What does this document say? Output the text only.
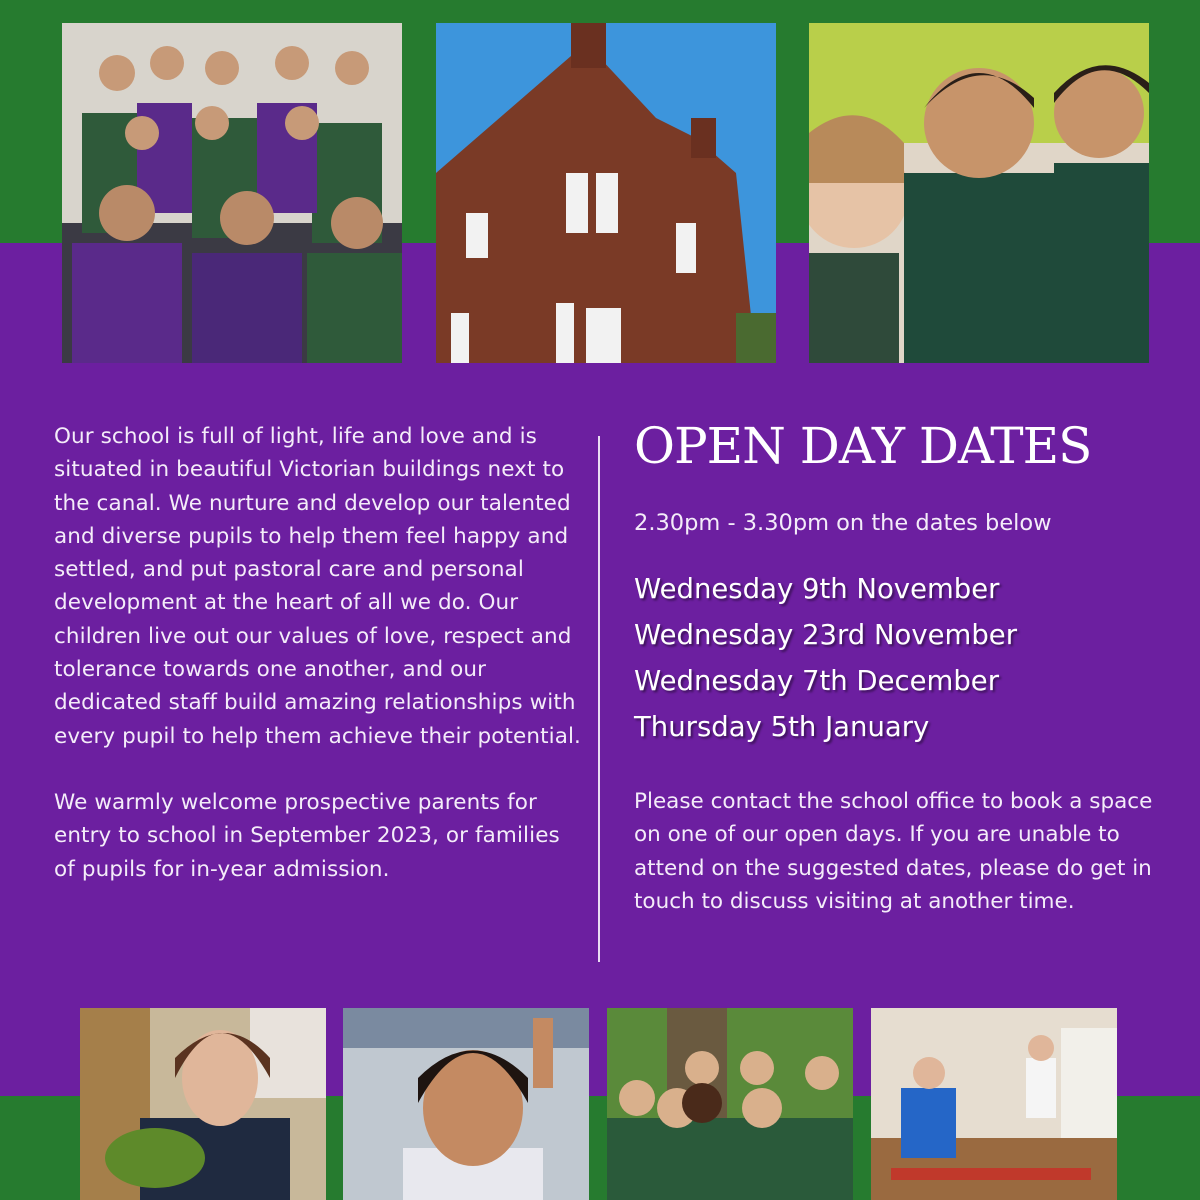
Our school is full of light, life and love and is situated in beautiful Victorian buildings next to the canal. We nurture and develop our talented and diverse pupils to help them feel happy and settled, and put pastoral care and personal development at the heart of all we do. Our children live out our values of love, respect and tolerance towards one another, and our dedicated staff build amazing relationships with every pupil to help them achieve their potential.

We warmly welcome prospective parents for entry to school in September 2023, or families of pupils for in-year admission.

OPEN DAY DATES
2.30pm - 3.30pm on the dates below
Wednesday 9th November
Wednesday 23rd November
Wednesday 7th December
Thursday 5th January
Please contact the school office to book a space on one of our open days. If you are unable to attend on the suggested dates, please do get in touch to discuss visiting at another time.
